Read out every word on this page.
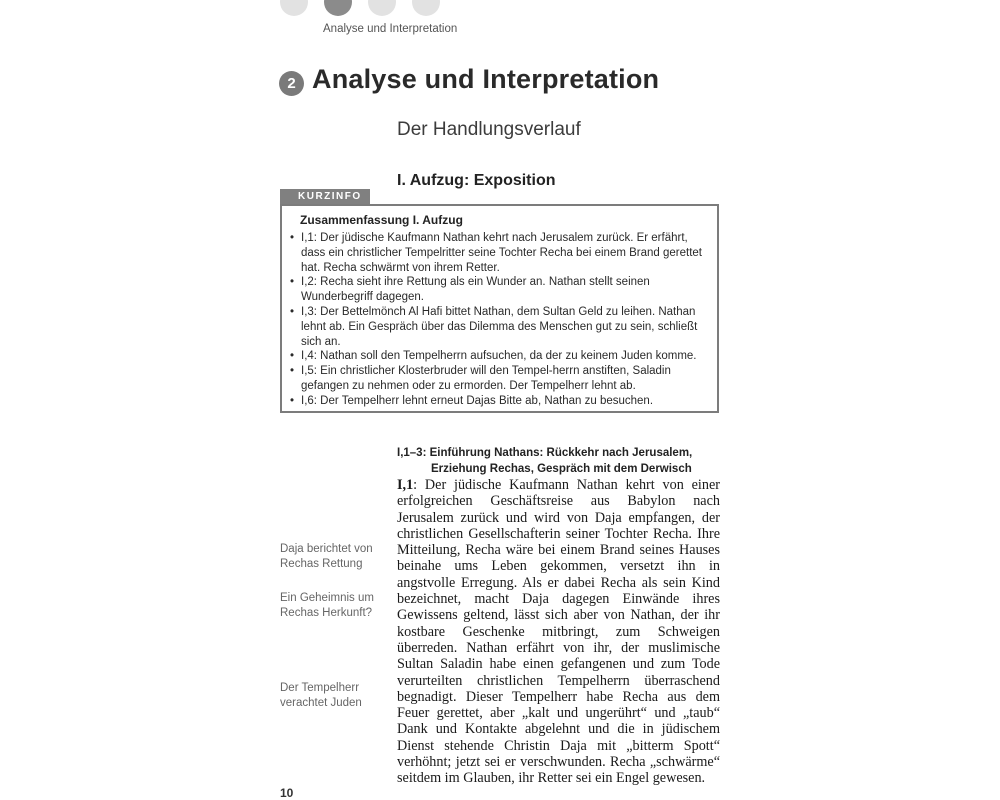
Analyse und Interpretation
2 Analyse und Interpretation
Der Handlungsverlauf
I. Aufzug: Exposition
KURZINFO
Zusammenfassung I. Aufzug
• I,1: Der jüdische Kaufmann Nathan kehrt nach Jerusalem zurück. Er erfährt, dass ein christlicher Tempelritter seine Tochter Recha bei einem Brand gerettet hat. Recha schwärmt von ihrem Retter.
• I,2: Recha sieht ihre Rettung als ein Wunder an. Nathan stellt seinen Wunderbegriff dagegen.
• I,3: Der Bettelmönch Al Hafi bittet Nathan, dem Sultan Geld zu leihen. Nathan lehnt ab. Ein Gespräch über das Dilemma des Menschen gut zu sein, schließt sich an.
• I,4: Nathan soll den Tempelherrn aufsuchen, da der zu keinem Juden komme.
• I,5: Ein christlicher Klosterbruder will den Tempel-herrn anstiften, Saladin gefangen zu nehmen oder zu ermorden. Der Tempelherr lehnt ab.
• I,6: Der Tempelherr lehnt erneut Dajas Bitte ab, Nathan zu besuchen.
I,1–3: Einführung Nathans: Rückkehr nach Jerusalem,
Erziehung Rechas, Gespräch mit dem Derwisch

I,1: Der jüdische Kaufmann Nathan kehrt von einer erfolgreichen Geschäftsreise aus Babylon nach Jerusalem zurück und wird von Daja empfangen, der christlichen Gesellschafterin seiner Tochter Recha. Ihre Mitteilung, Recha wäre bei einem Brand seines Hauses beinahe ums Leben gekommen, versetzt ihn in angstvolle Erregung. Als er dabei Recha als sein Kind bezeichnet, macht Daja dagegen Einwände ihres Gewissens geltend, lässt sich aber von Nathan, der ihr kostbare Geschenke mitbringt, zum Schweigen überreden. Nathan erfährt von ihr, der muslimische Sultan Saladin habe einen gefangenen und zum Tode verurteilten christlichen Tempelherrn überraschend begnadigt. Dieser Tempelherr habe Recha aus dem Feuer gerettet, aber „kalt und ungerührt“ und „taub“ Dank und Kontakte abgelehnt und die in jüdischem Dienst stehende Christin Daja mit „bitterm Spott“ verhöhnt; jetzt sei er verschwunden. Recha „schwärme“ seitdem im Glauben, ihr Retter sei ein Engel gewesen.

Daja berichtet von Rechas Rettung

Ein Geheimnis um Rechas Herkunft?

Der Tempelherr verachtet Juden

10
